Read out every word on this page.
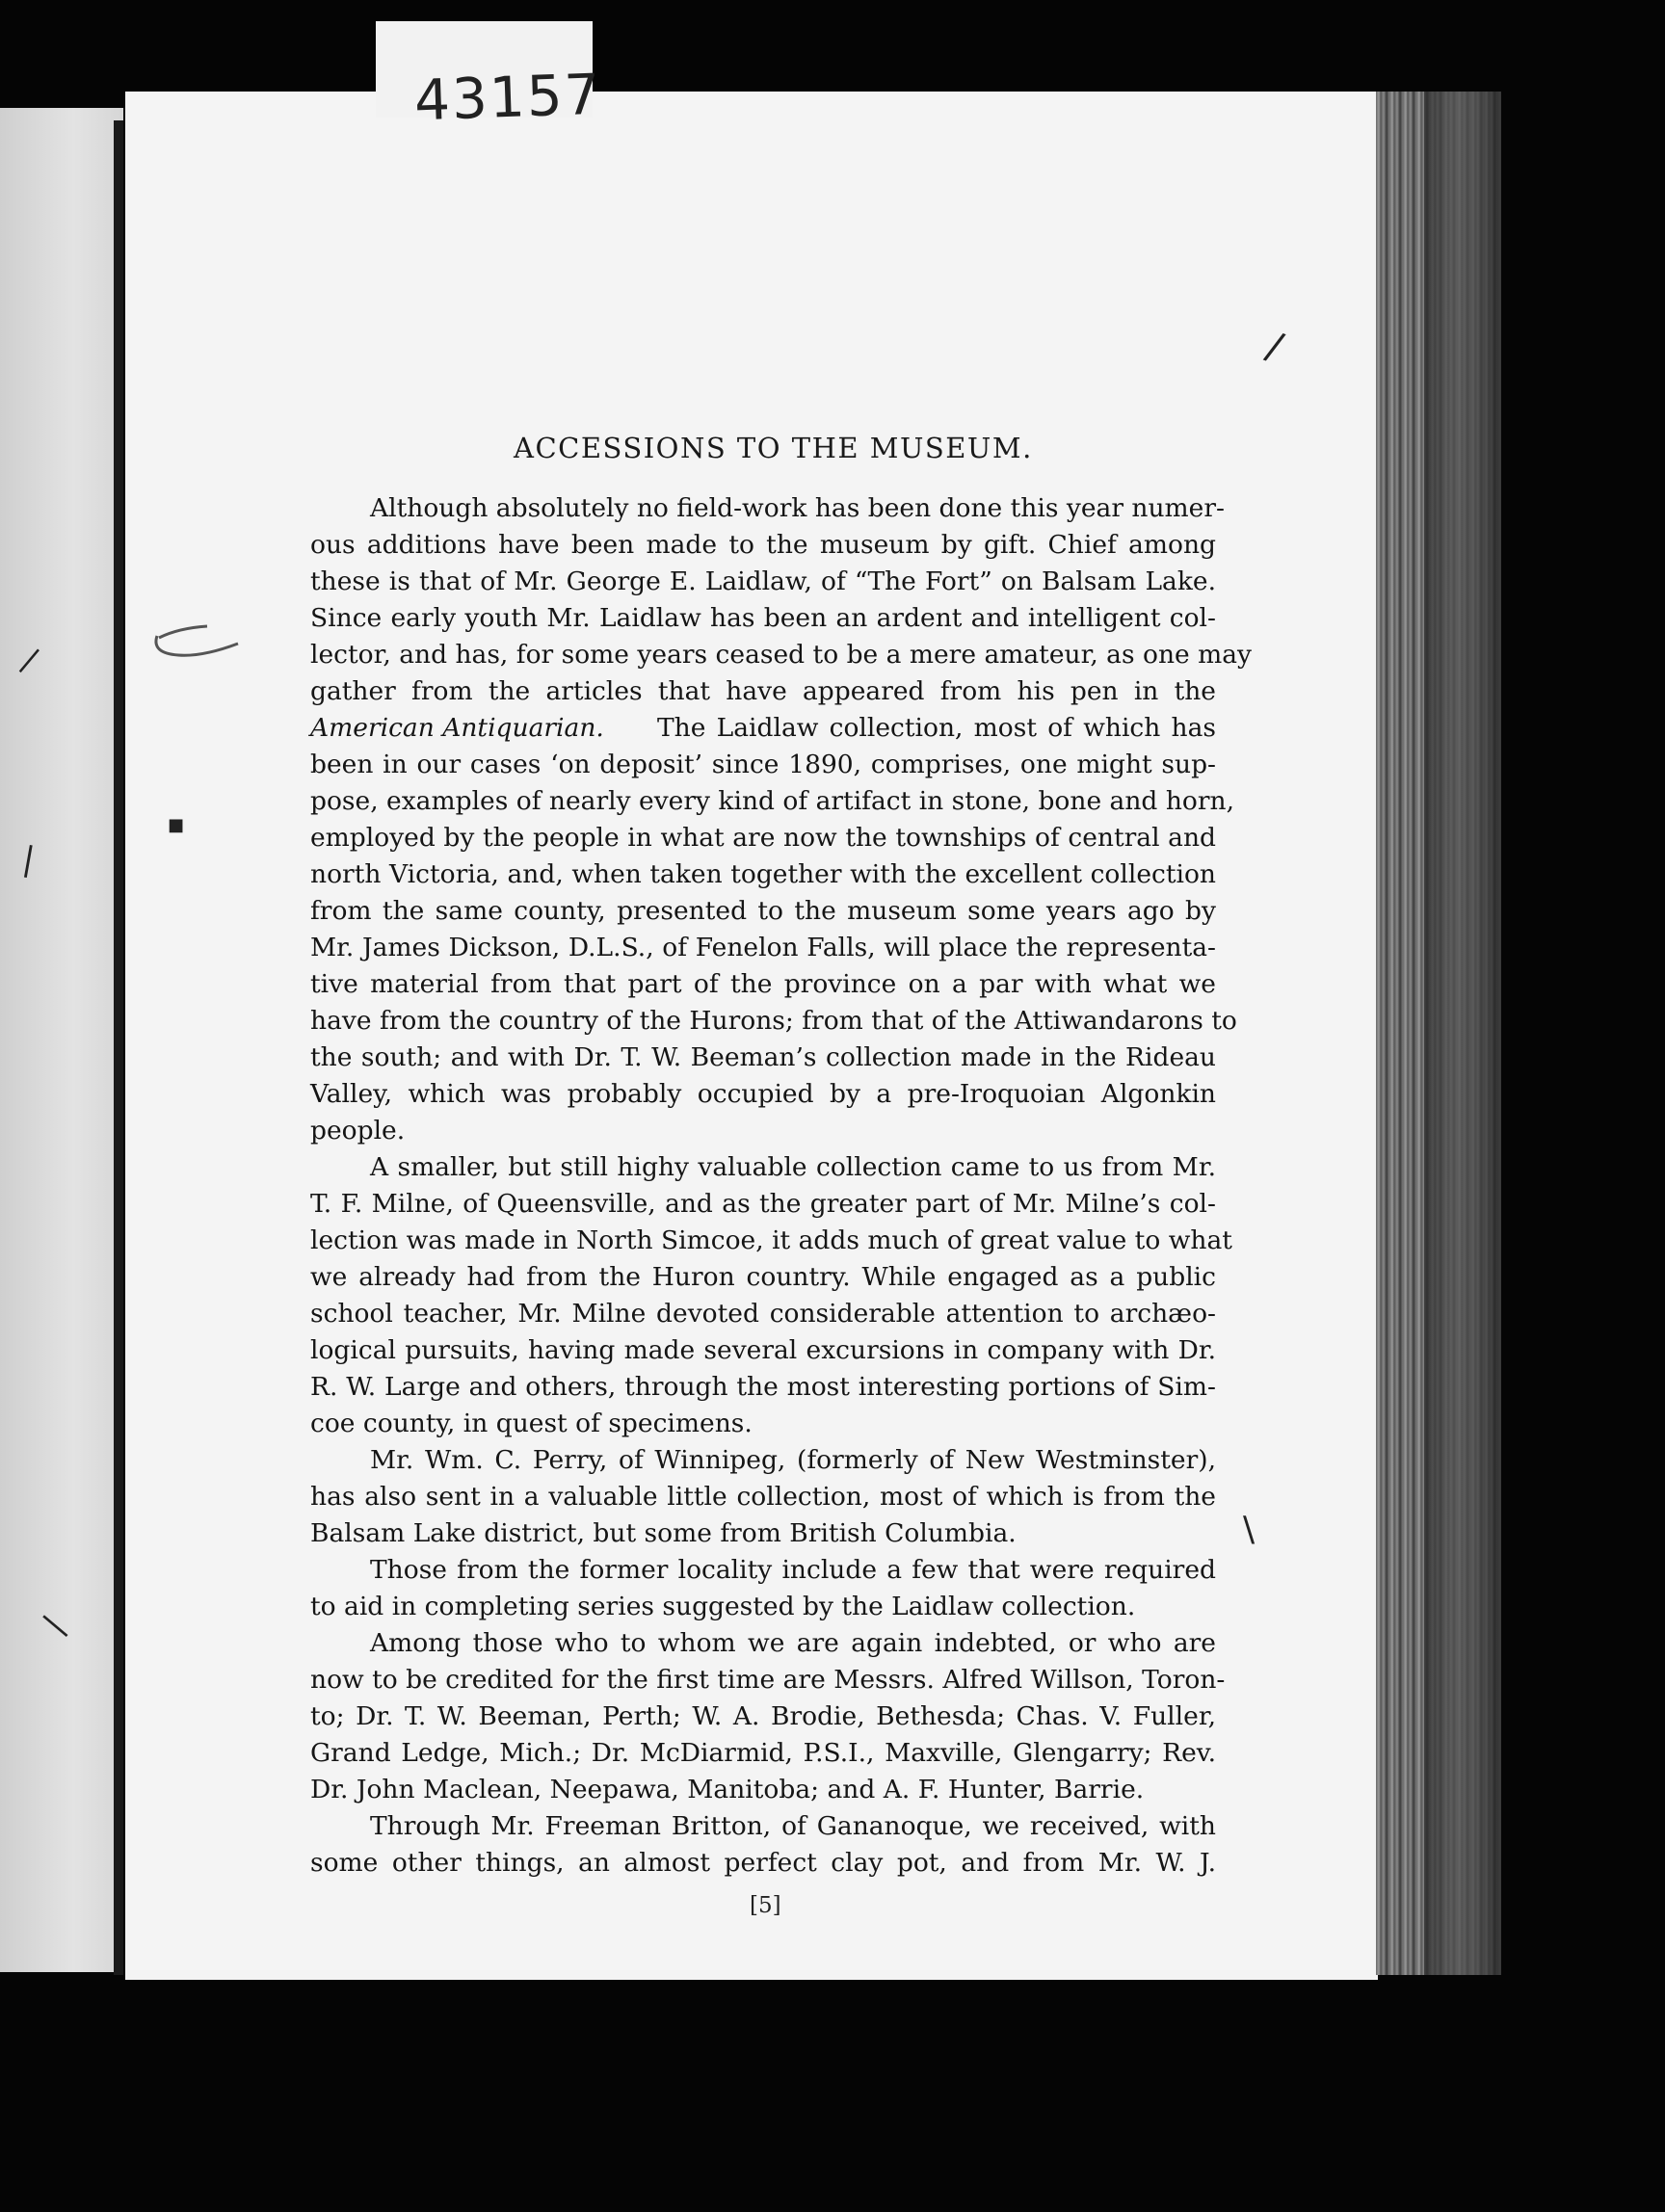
43157
/
\
■
|
|
|
ACCESSIONS TO THE MUSEUM.
Although absolutely no field-work has been done this year numer-
ous additions have been made to the museum by gift. Chief among
these is that of Mr. George E. Laidlaw, of “The Fort” on Balsam Lake.
Since early youth Mr. Laidlaw has been an ardent and intelligent col-
lector, and has, for some years ceased to be a mere amateur, as one may
gather from the articles that have appeared from his pen in the
American Antiquarian. The Laidlaw collection, most of which has
been in our cases ‘on deposit’ since 1890, comprises, one might sup-
pose, examples of nearly every kind of artifact in stone, bone and horn,
employed by the people in what are now the townships of central and
north Victoria, and, when taken together with the excellent collection
from the same county, presented to the museum some years ago by
Mr. James Dickson, D.L.S., of Fenelon Falls, will place the representa-
tive material from that part of the province on a par with what we
have from the country of the Hurons; from that of the Attiwandarons to
the south; and with Dr. T. W. Beeman’s collection made in the Rideau
Valley, which was probably occupied by a pre-Iroquoian Algonkin
people.
A smaller, but still highy valuable collection came to us from Mr.
T. F. Milne, of Queensville, and as the greater part of Mr. Milne’s col-
lection was made in North Simcoe, it adds much of great value to what
we already had from the Huron country. While engaged as a public
school teacher, Mr. Milne devoted considerable attention to archæo-
logical pursuits, having made several excursions in company with Dr.
R. W. Large and others, through the most interesting portions of Sim-
coe county, in quest of specimens.
Mr. Wm. C. Perry, of Winnipeg, (formerly of New Westminster),
has also sent in a valuable little collection, most of which is from the
Balsam Lake district, but some from British Columbia.
Those from the former locality include a few that were required
to aid in completing series suggested by the Laidlaw collection.
Among those who to whom we are again indebted, or who are
now to be credited for the first time are Messrs. Alfred Willson, Toron-
to; Dr. T. W. Beeman, Perth; W. A. Brodie, Bethesda; Chas. V. Fuller,
Grand Ledge, Mich.; Dr. McDiarmid, P.S.I., Maxville, Glengarry; Rev.
Dr. John Maclean, Neepawa, Manitoba; and A. F. Hunter, Barrie.
Through Mr. Freeman Britton, of Gananoque, we received, with
some other things, an almost perfect clay pot, and from Mr. W. J.
[5]
